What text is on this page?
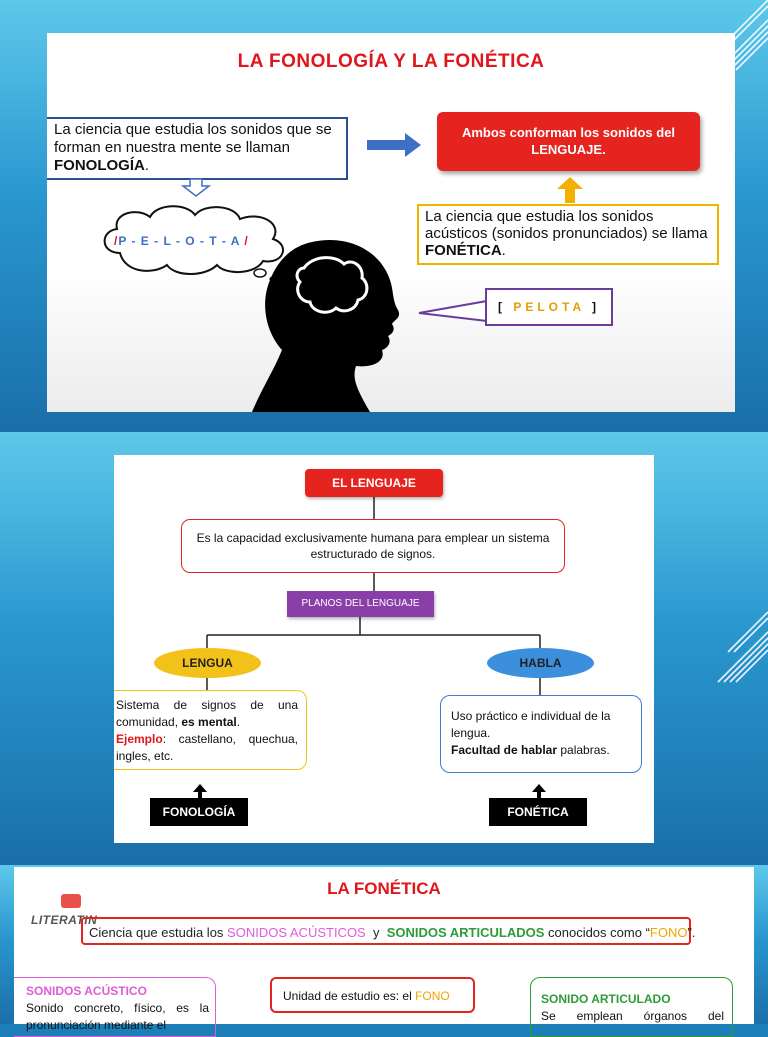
LA FONOLOGÍA Y LA FONÉTICA
La ciencia que estudia los sonidos que se forman en nuestra mente se llaman FONOLOGÍA.
Ambos conforman los sonidos del LENGUAJE.
La ciencia que estudia los sonidos acústicos (sonidos pronunciados) se llama FONÉTICA.
/P - E - L - O - T - A /
[ PELOTA ]
EL LENGUAJE
Es la capacidad exclusivamente humana para emplear un sistema estructurado de signos.
PLANOS DEL LENGUAJE
LENGUA	HABLA
Sistema de signos de una comunidad, es mental.
Ejemplo: castellano, quechua, ingles, etc.
Uso práctico e individual de la lengua.
Facultad de hablar palabras.
FONOLOGÍA	FONÉTICA
LITERATIN
LA FONÉTICA
Ciencia que estudia los SONIDOS ACÚSTICOS  y  SONIDOS ARTICULADOS conocidos como “FONO”.
SONIDOS ACÚSTICO
Sonido concreto, físico, es la pronunciación mediante el
Unidad de estudio es: el FONO	SONIDO ARTICULADO
Se emplean órganos del
